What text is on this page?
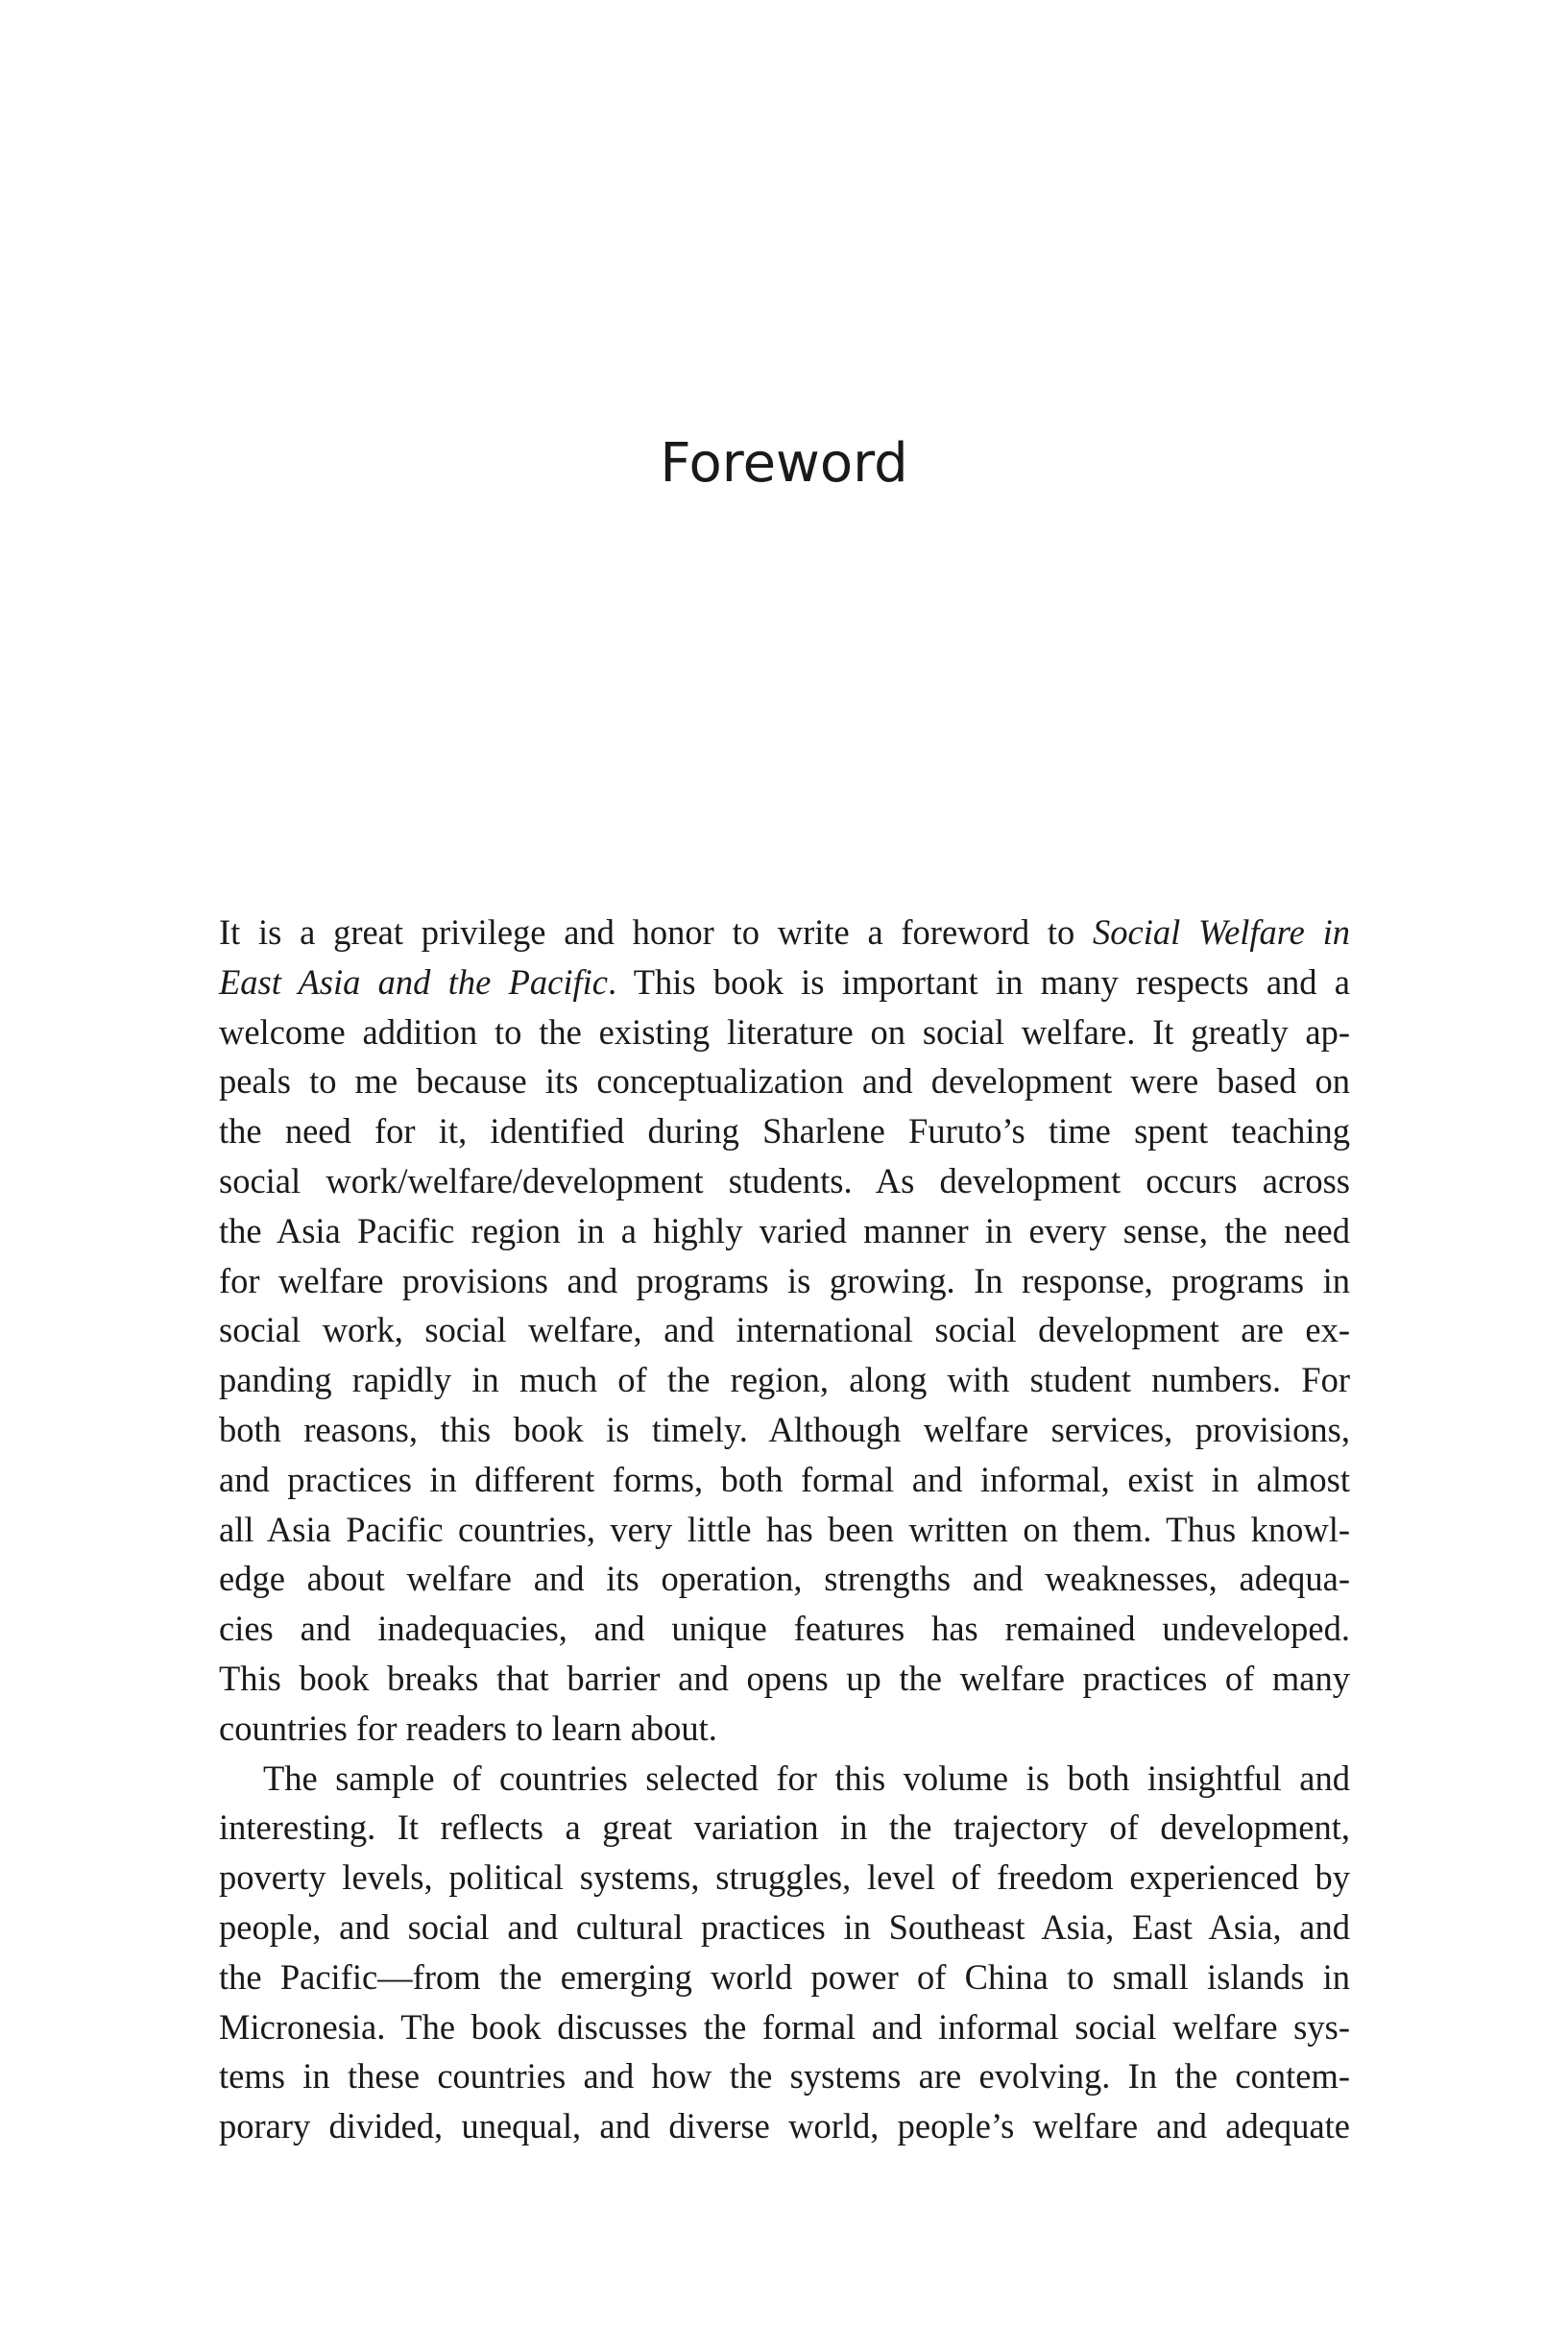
Foreword

It is a great privilege and honor to write a foreword to Social Welfare in
East Asia and the Pacific. This book is important in many respects and a
welcome addition to the existing literature on social welfare. It greatly ap-
peals to me because its conceptualization and development were based on
the need for it, identified during Sharlene Furuto’s time spent teaching
social work/welfare/development students. As development occurs across
the Asia Pacific region in a highly varied manner in every sense, the need
for welfare provisions and programs is growing. In response, programs in
social work, social welfare, and international social development are ex-
panding rapidly in much of the region, along with student numbers. For
both reasons, this book is timely. Although welfare services, provisions,
and practices in different forms, both formal and informal, exist in almost
all Asia Pacific countries, very little has been written on them. Thus knowl-
edge about welfare and its operation, strengths and weaknesses, adequa-
cies and inadequacies, and unique features has remained undeveloped.
This book breaks that barrier and opens up the welfare practices of many
countries for readers to learn about.

The sample of countries selected for this volume is both insightful and
interesting. It reflects a great variation in the trajectory of development,
poverty levels, political systems, struggles, level of freedom experienced by
people, and social and cultural practices in Southeast Asia, East Asia, and
the Pacific—from the emerging world power of China to small islands in
Micronesia. The book discusses the formal and informal social welfare sys-
tems in these countries and how the systems are evolving. In the contem-
porary divided, unequal, and diverse world, people’s welfare and adequate
